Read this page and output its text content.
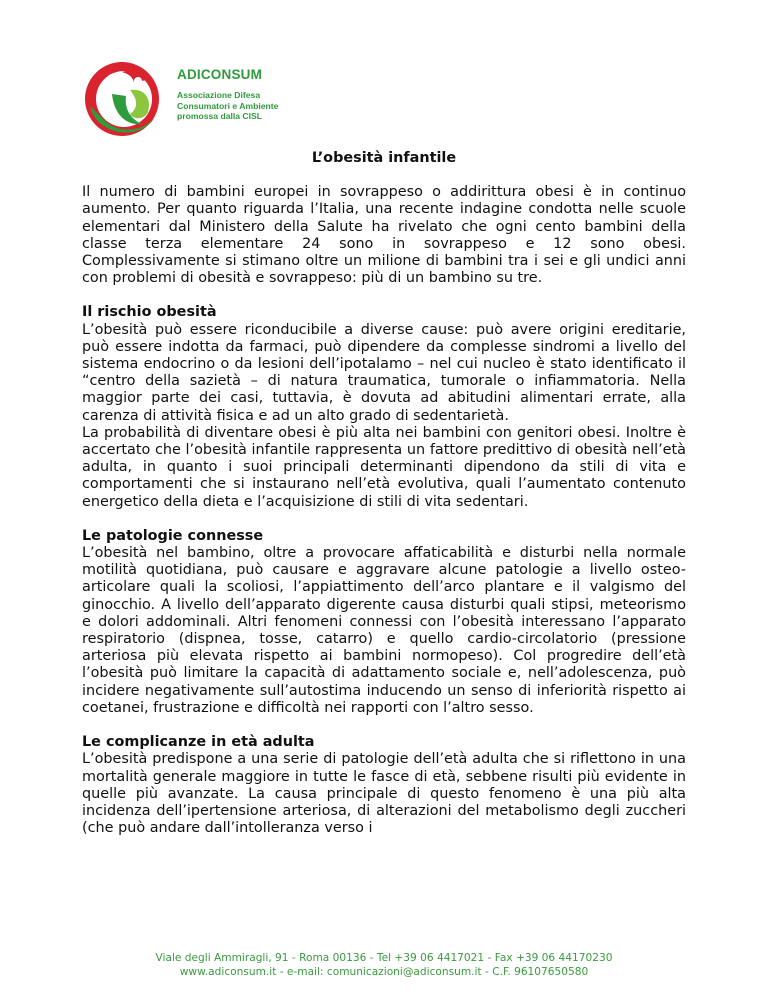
ADICONSUM
Associazione Difesa
Consumatori e Ambiente
promossa dalla CISL

L’obesità infantile

Il numero di bambini europei in sovrappeso o addirittura obesi è in continuo aumento. Per quanto riguarda l’Italia, una recente indagine condotta nelle scuole elementari dal Ministero della Salute ha rivelato che ogni cento bambini della classe terza elementare 24 sono in sovrappeso e 12 sono obesi. Complessivamente si stimano oltre un milione di bambini tra i sei e gli undici anni con problemi di obesità e sovrappeso: più di un bambino su tre.

Il rischio obesità

L’obesità può essere riconducibile a diverse cause: può avere origini ereditarie, può essere indotta da farmaci, può dipendere da complesse sindromi a livello del sistema endocrino o da lesioni dell’ipotalamo – nel cui nucleo è stato identificato il “centro della sazietà – di natura traumatica, tumorale o infiammatoria. Nella maggior parte dei casi, tuttavia, è dovuta ad abitudini alimentari errate, alla carenza di attività fisica e ad un alto grado di sedentarietà.

La probabilità di diventare obesi è più alta nei bambini con genitori obesi. Inoltre è accertato che l’obesità infantile rappresenta un fattore predittivo di obesità nell’età adulta, in quanto i suoi principali determinanti dipendono da stili di vita e comportamenti che si instaurano nell’età evolutiva, quali l’aumentato contenuto energetico della dieta e l’acquisizione di stili di vita sedentari.

Le patologie connesse

L’obesità nel bambino, oltre a provocare affaticabilità e disturbi nella normale motilità quotidiana, può causare e aggravare alcune patologie a livello osteo-articolare quali la scoliosi, l’appiattimento dell’arco plantare e il valgismo del ginocchio. A livello dell’apparato digerente causa disturbi quali stipsi, meteorismo e dolori addominali. Altri fenomeni connessi con l’obesità interessano l’apparato respiratorio (dispnea, tosse, catarro) e quello cardio-circolatorio (pressione arteriosa più elevata rispetto ai bambini normopeso). Col progredire dell’età l’obesità può limitare la capacità di adattamento sociale e, nell’adolescenza, può incidere negativamente sull’autostima inducendo un senso di inferiorità rispetto ai coetanei, frustrazione e difficoltà nei rapporti con l’altro sesso.

Le complicanze in età adulta

L’obesità predispone a una serie di patologie dell’età adulta che si riflettono in una mortalità generale maggiore in tutte le fasce di età, sebbene risulti più evidente in quelle più avanzate. La causa principale di questo fenomeno è una più alta incidenza dell’ipertensione arteriosa, di alterazioni del metabolismo degli zuccheri (che può andare dall’intolleranza verso i

Viale degli Ammiragli, 91 - Roma 00136 - Tel +39 06 4417021 - Fax +39 06 44170230
www.adiconsum.it - e-mail: comunicazioni@adiconsum.it - C.F. 96107650580
